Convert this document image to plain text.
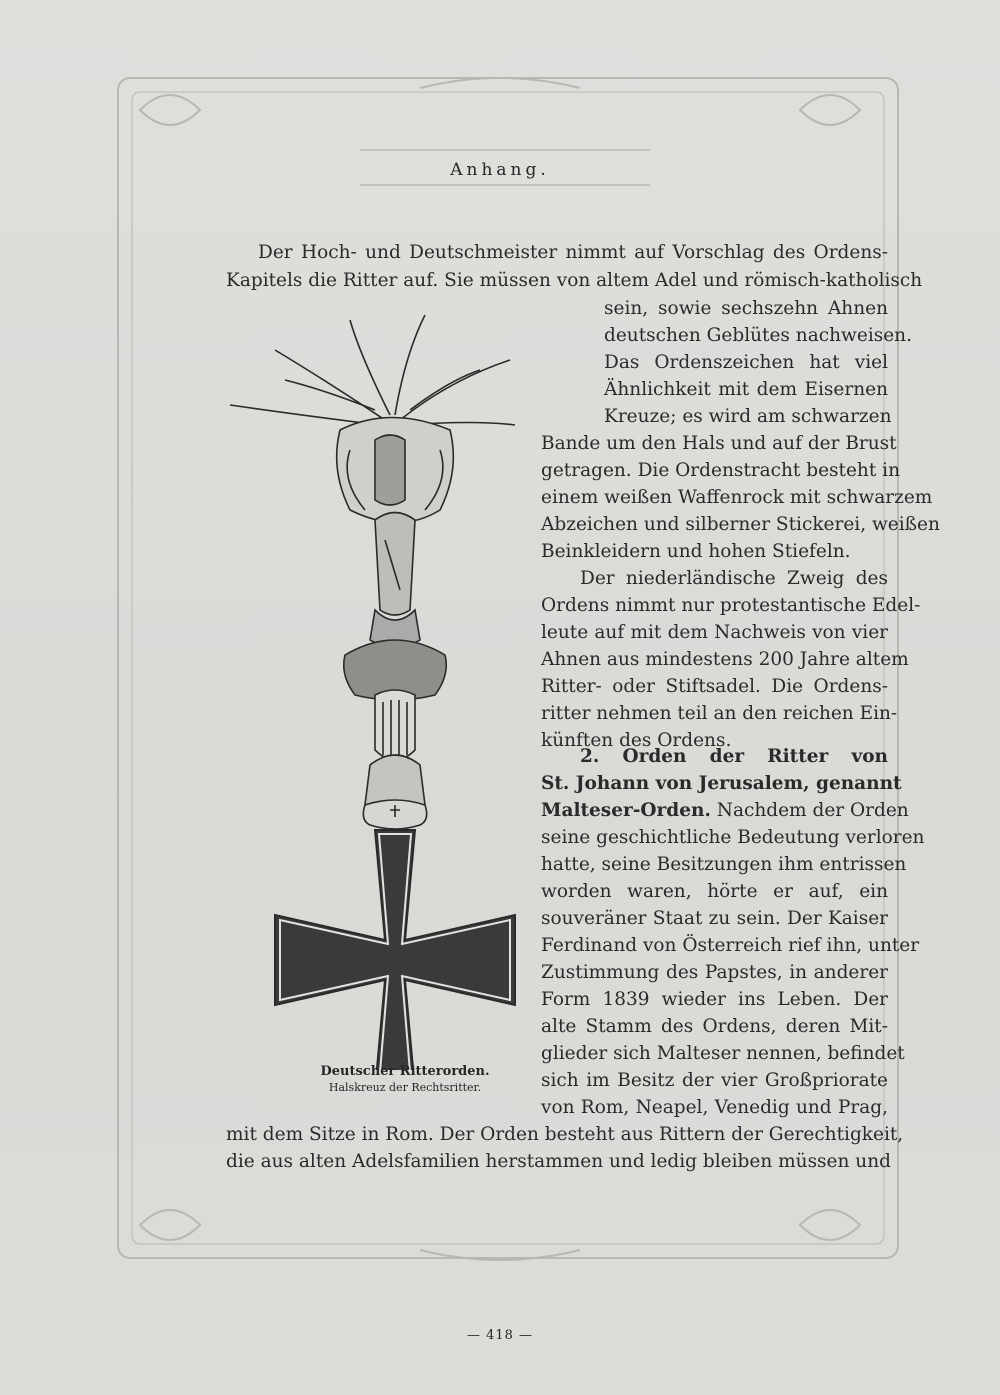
Anhang.
Deutscher Ritterorden.
Halskreuz der Rechtsritter.
Der Hoch- und Deutschmeister nimmt auf Vorschlag des Ordens-
Kapitels die Ritter auf. Sie müssen von altem Adel und römisch-katholisch
sein, sowie sechszehn Ahnen
deutschen Geblütes nachweisen.
Das Ordenszeichen hat viel
Ähnlichkeit mit dem Eisernen
Kreuze; es wird am schwarzen
Bande um den Hals und auf der Brust
getragen. Die Ordenstracht besteht in
einem weißen Waffenrock mit schwarzem
Abzeichen und silberner Stickerei, weißen
Beinkleidern und hohen Stiefeln.
Der niederländische Zweig des
Ordens nimmt nur protestantische Edel-
leute auf mit dem Nachweis von vier
Ahnen aus mindestens 200 Jahre altem
Ritter- oder Stiftsadel. Die Ordens-
ritter nehmen teil an den reichen Ein-
künften des Ordens.
2. Orden der Ritter von
St. Johann von Jerusalem, genannt
Malteser-Orden. Nachdem der Orden
seine geschichtliche Bedeutung verloren
hatte, seine Besitzungen ihm entrissen
worden waren, hörte er auf, ein
souveräner Staat zu sein. Der Kaiser
Ferdinand von Österreich rief ihn, unter
Zustimmung des Papstes, in anderer
Form 1839 wieder ins Leben. Der
alte Stamm des Ordens, deren Mit-
glieder sich Malteser nennen, befindet
sich im Besitz der vier Großpriorate
von Rom, Neapel, Venedig und Prag,
mit dem Sitze in Rom. Der Orden besteht aus Rittern der Gerechtigkeit,
die aus alten Adelsfamilien herstammen und ledig bleiben müssen und
— 418 —
